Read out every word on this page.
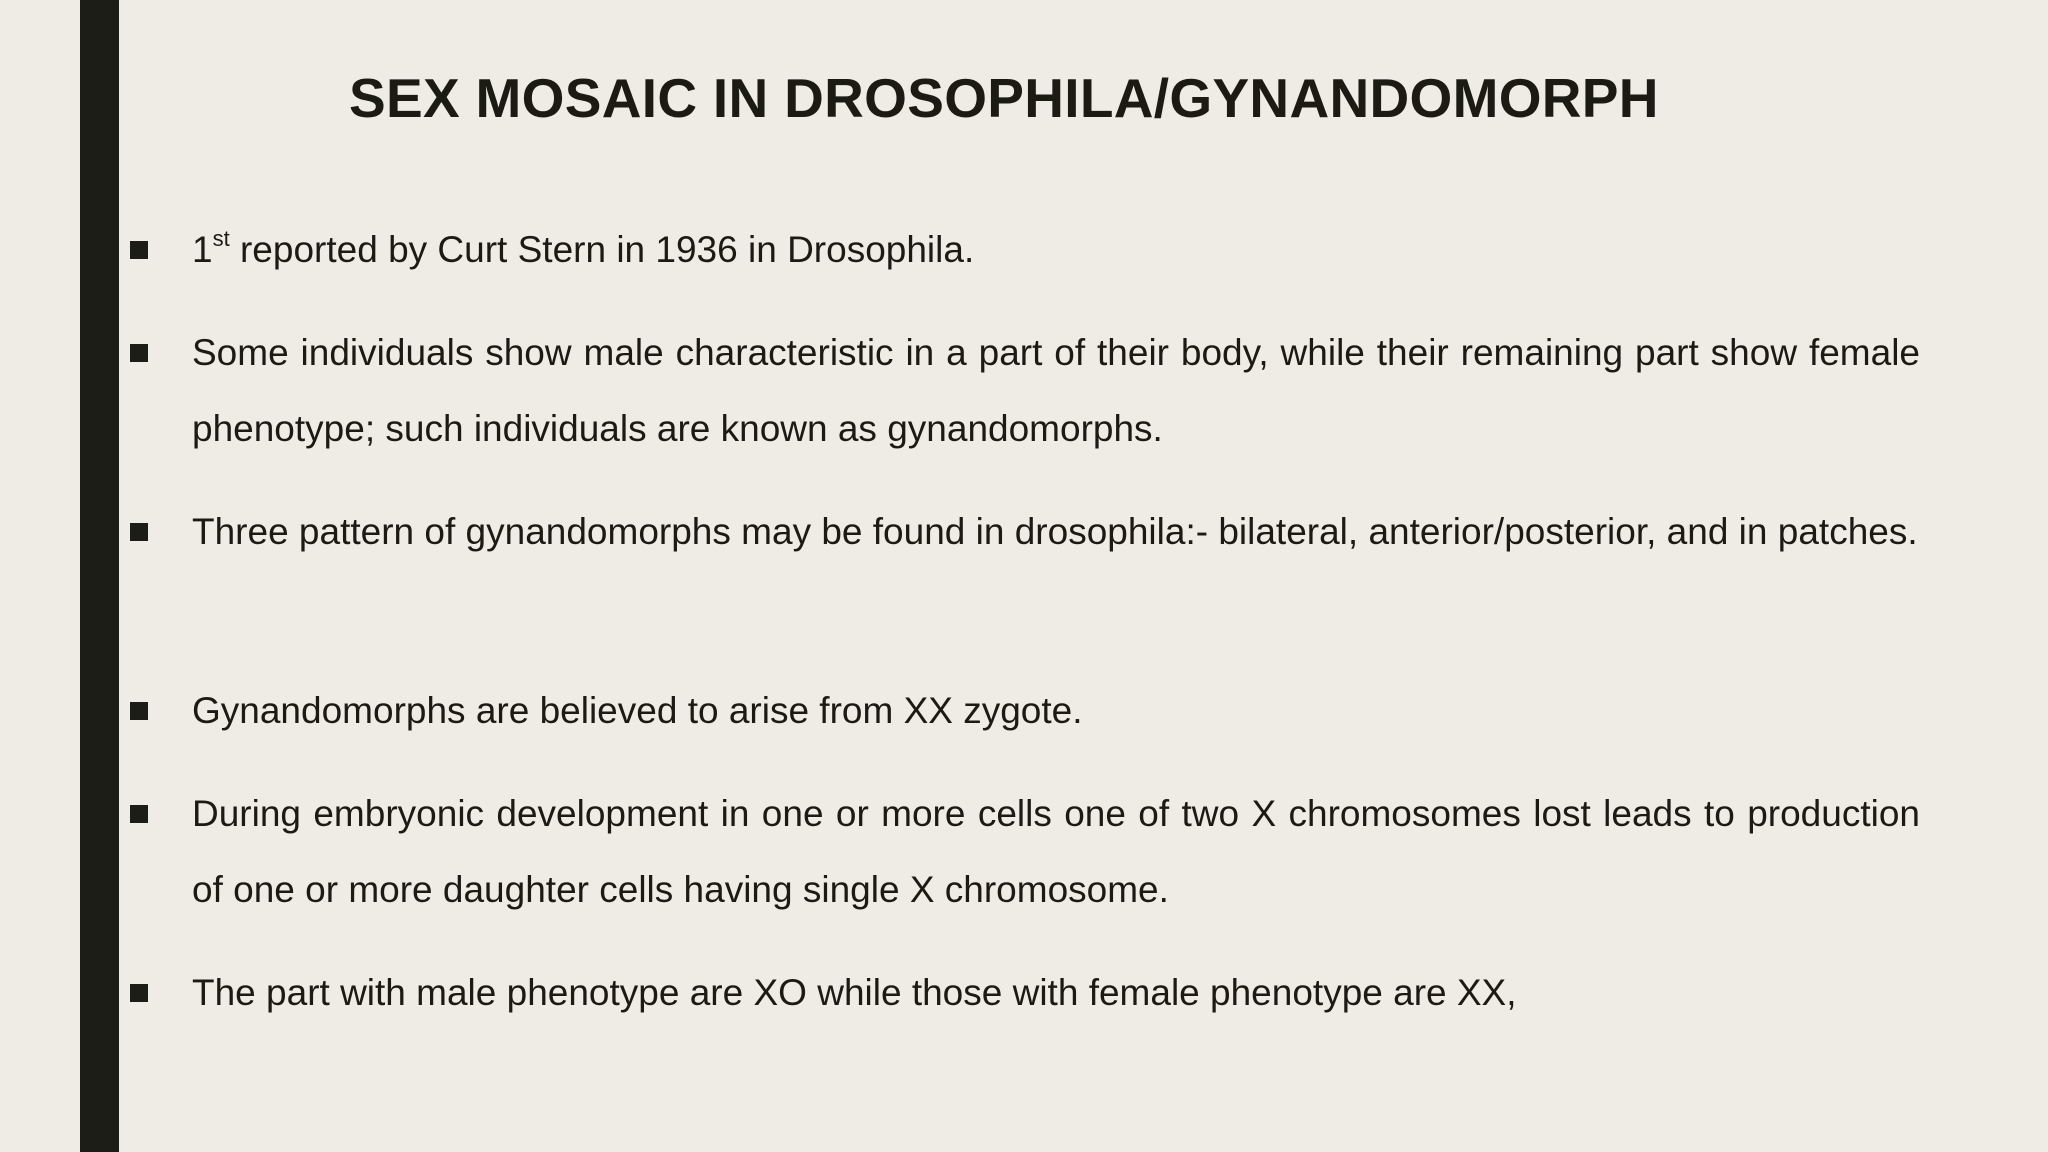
SEX MOSAIC IN DROSOPHILA/GYNANDOMORPH
1st reported by Curt Stern in 1936 in Drosophila.
Some individuals show male characteristic in a part of their body, while their remaining part show female phenotype; such individuals are known as gynandomorphs.
Three pattern of gynandomorphs may be found in drosophila:- bilateral, anterior/posterior, and in patches.
Gynandomorphs are believed to arise from XX zygote.
During embryonic development in one or more cells one of two X chromosomes lost leads to production of one or more daughter cells having single X chromosome.
The part with male phenotype are XO while those with female phenotype are XX,
